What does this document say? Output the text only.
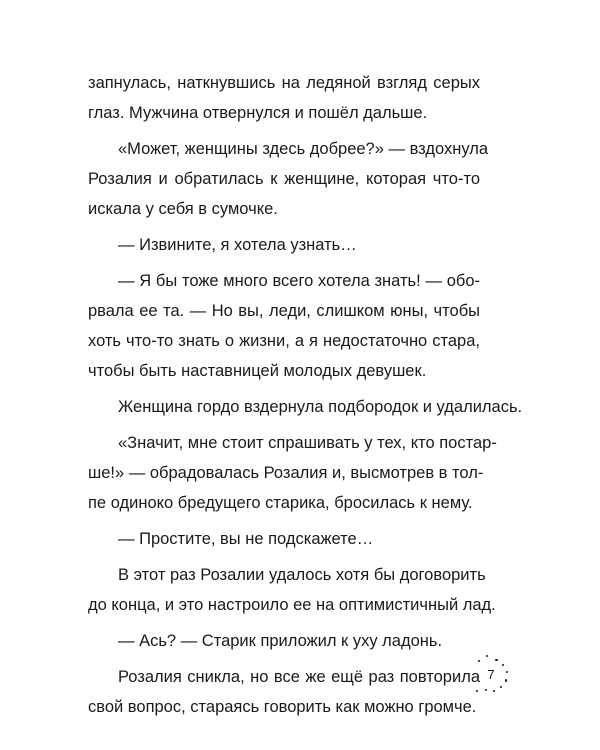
запнулась, наткнувшись на ледяной взгляд серых
глаз. Мужчина отвернулся и пошёл дальше.
«Может, женщины здесь добрее?» — вздохнула
Розалия и обратилась к женщине, которая что-то
искала у себя в сумочке.
— Извините, я хотела узнать…
— Я бы тоже много всего хотела знать! — обо-
рвала ее та. — Но вы, леди, слишком юны, чтобы
хоть что-то знать о жизни, а я недостаточно стара,
чтобы быть наставницей молодых девушек.
Женщина гордо вздернула подбородок и удалилась.
«Значит, мне стоит спрашивать у тех, кто постар-
ше!» — обрадовалась Розалия и, высмотрев в тол-
пе одиноко бредущего старика, бросилась к нему.
— Простите, вы не подскажете…
В этот раз Розалии удалось хотя бы договорить
до конца, и это настроило ее на оптимистичный лад.
— Ась? — Старик приложил к уху ладонь.
Розалия сникла, но все же ещё раз повторила
свой вопрос, стараясь говорить как можно громче.
7
